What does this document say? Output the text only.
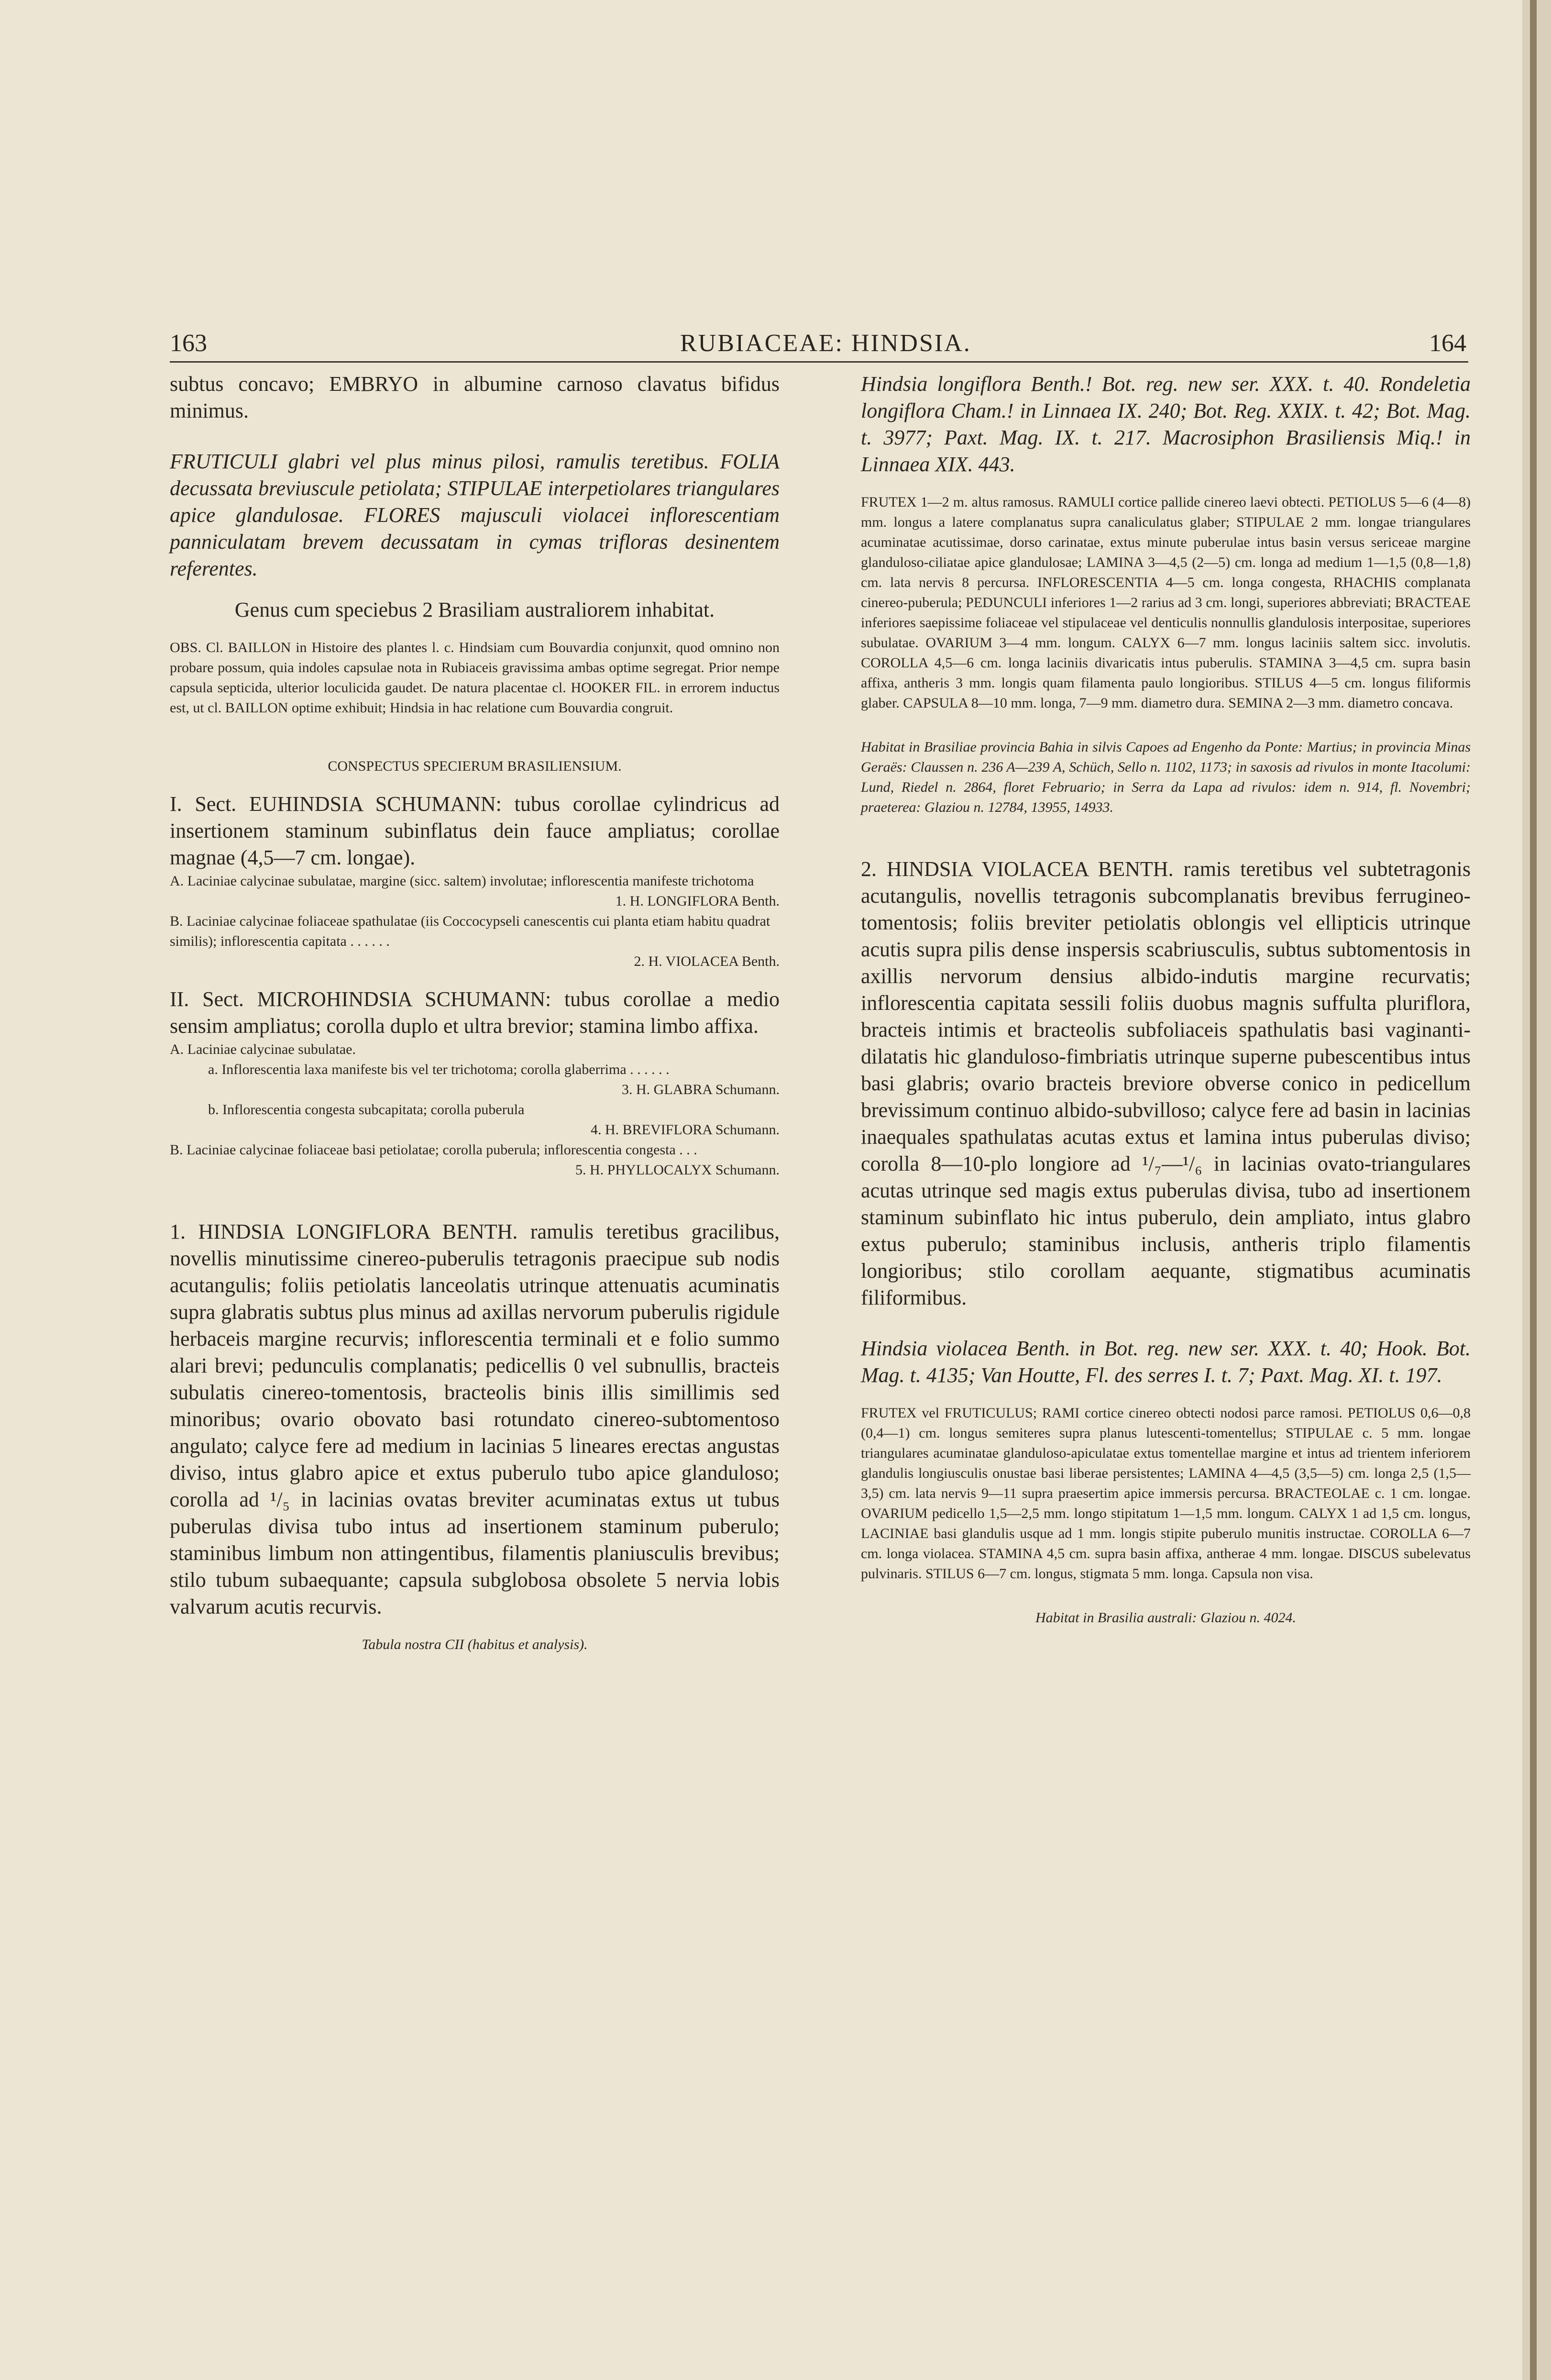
163	RUBIACEAE: HINDSIA.	164

subtus concavo; EMBRYO in albumine carnoso clavatus bifidus minimus.

FRUTICULI glabri vel plus minus pilosi, ramulis teretibus. FOLIA decussata breviuscule petiolata; STIPULAE interpetiolares triangulares apice glandulosae. FLORES majusculi violacei inflorescentiam panniculatam brevem decussatam in cymas trifloras desinentem referentes.

Genus cum speciebus 2 Brasiliam australiorem inhabitat.

OBS. Cl. BAILLON in Histoire des plantes l. c. Hindsiam cum Bouvardia conjunxit, quod omnino non probare possum, quia indoles capsulae nota in Rubiaceis gravissima ambas optime segregat. Prior nempe capsula septicida, ulterior loculicida gaudet. De natura placentae cl. HOOKER FIL. in errorem inductus est, ut cl. BAILLON optime exhibuit; Hindsia in hac relatione cum Bouvardia congruit.

CONSPECTUS SPECIERUM BRASILIENSIUM.

I. Sect. EUHINDSIA SCHUMANN: tubus corollae cylindricus ad insertionem staminum subinflatus dein fauce ampliatus; corollae magnae (4,5—7 cm. longae).

A. Laciniae calycinae subulatae, margine (sicc. saltem) involutae; inflorescentia manifeste trichotoma

1. H. LONGIFLORA Benth.

B. Laciniae calycinae foliaceae spathulatae (iis Coccocypseli canescentis cui planta etiam habitu quadrat similis); inflorescentia capitata . . . . . .

2. H. VIOLACEA Benth.

II. Sect. MICROHINDSIA SCHUMANN: tubus corollae a medio sensim ampliatus; corolla duplo et ultra brevior; stamina limbo affixa.

A. Laciniae calycinae subulatae.

a. Inflorescentia laxa manifeste bis vel ter trichotoma; corolla glaberrima . . . . . .

3. H. GLABRA Schumann.

b. Inflorescentia congesta subcapitata; corolla puberula

4. H. BREVIFLORA Schumann.

B. Laciniae calycinae foliaceae basi petiolatae; corolla puberula; inflorescentia congesta . . .

5. H. PHYLLOCALYX Schumann.

1. HINDSIA LONGIFLORA BENTH. ramulis teretibus gracilibus, novellis minutissime cinereo-puberulis tetragonis praecipue sub nodis acutangulis; foliis petiolatis lanceolatis utrinque attenuatis acuminatis supra glabratis subtus plus minus ad axillas nervorum puberulis rigidule herbaceis margine recurvis; inflorescentia terminali et e folio summo alari brevi; pedunculis complanatis; pedicellis 0 vel subnullis, bracteis subulatis cinereo-tomentosis, bracteolis binis illis simillimis sed minoribus; ovario obovato basi rotundato cinereo-subtomentoso angulato; calyce fere ad medium in lacinias 5 lineares erectas angustas diviso, intus glabro apice et extus puberulo tubo apice glanduloso; corolla ad ¹/₅ in lacinias ovatas breviter acuminatas extus ut tubus puberulas divisa tubo intus ad insertionem staminum puberulo; staminibus limbum non attingentibus, filamentis planiusculis brevibus; stilo tubum subaequante; capsula subglobosa obsolete 5 nervia lobis valvarum acutis recurvis.

Tabula nostra CII (habitus et analysis).

Hindsia longiflora Benth.! Bot. reg. new ser. XXX. t. 40. Rondeletia longiflora Cham.! in Linnaea IX. 240; Bot. Reg. XXIX. t. 42; Bot. Mag. t. 3977; Paxt. Mag. IX. t. 217. Macrosiphon Brasiliensis Miq.! in Linnaea XIX. 443.

FRUTEX 1—2 m. altus ramosus. RAMULI cortice pallide cinereo laevi obtecti. PETIOLUS 5—6 (4—8) mm. longus a latere complanatus supra canaliculatus glaber; STIPULAE 2 mm. longae triangulares acuminatae acutissimae, dorso carinatae, extus minute puberulae intus basin versus sericeae margine glanduloso-ciliatae apice glandulosae; LAMINA 3—4,5 (2—5) cm. longa ad medium 1—1,5 (0,8—1,8) cm. lata nervis 8 percursa. INFLORESCENTIA 4—5 cm. longa congesta, RHACHIS complanata cinereo-puberula; PEDUNCULI inferiores 1—2 rarius ad 3 cm. longi, superiores abbreviati; BRACTEAE inferiores saepissime foliaceae vel stipulaceae vel denticulis nonnullis glandulosis interpositae, superiores subulatae. OVARIUM 3—4 mm. longum. CALYX 6—7 mm. longus laciniis saltem sicc. involutis. COROLLA 4,5—6 cm. longa laciniis divaricatis intus puberulis. STAMINA 3—4,5 cm. supra basin affixa, antheris 3 mm. longis quam filamenta paulo longioribus. STILUS 4—5 cm. longus filiformis glaber. CAPSULA 8—10 mm. longa, 7—9 mm. diametro dura. SEMINA 2—3 mm. diametro concava.

Habitat in Brasiliae provincia Bahia in silvis Capoes ad Engenho da Ponte: Martius; in provincia Minas Geraës: Claussen n. 236 A—239 A, Schüch, Sello n. 1102, 1173; in saxosis ad rivulos in monte Itacolumi: Lund, Riedel n. 2864, floret Februario; in Serra da Lapa ad rivulos: idem n. 914, fl. Novembri; praeterea: Glaziou n. 12784, 13955, 14933.

2. HINDSIA VIOLACEA BENTH. ramis teretibus vel subtetragonis acutangulis, novellis tetragonis subcomplanatis brevibus ferrugineo-tomentosis; foliis breviter petiolatis oblongis vel ellipticis utrinque acutis supra pilis dense inspersis scabriusculis, subtus subtomentosis in axillis nervorum densius albido-indutis margine recurvatis; inflorescentia capitata sessili foliis duobus magnis suffulta pluriflora, bracteis intimis et bracteolis subfoliaceis spathulatis basi vaginanti-dilatatis hic glanduloso-fimbriatis utrinque superne pubescentibus intus basi glabris; ovario bracteis breviore obverse conico in pedicellum brevissimum continuo albido-subvilloso; calyce fere ad basin in lacinias inaequales spathulatas acutas extus et lamina intus puberulas diviso; corolla 8—10-plo longiore ad ¹/₇—¹/₆ in lacinias ovato-triangulares acutas utrinque sed magis extus puberulas divisa, tubo ad insertionem staminum subinflato hic intus puberulo, dein ampliato, intus glabro extus puberulo; staminibus inclusis, antheris triplo filamentis longioribus; stilo corollam aequante, stigmatibus acuminatis filiformibus.

Hindsia violacea Benth. in Bot. reg. new ser. XXX. t. 40; Hook. Bot. Mag. t. 4135; Van Houtte, Fl. des serres I. t. 7; Paxt. Mag. XI. t. 197.

FRUTEX vel FRUTICULUS; RAMI cortice cinereo obtecti nodosi parce ramosi. PETIOLUS 0,6—0,8 (0,4—1) cm. longus semiteres supra planus lutescenti-tomentellus; STIPULAE c. 5 mm. longae triangulares acuminatae glanduloso-apiculatae extus tomentellae margine et intus ad trientem inferiorem glandulis longiusculis onustae basi liberae persistentes; LAMINA 4—4,5 (3,5—5) cm. longa 2,5 (1,5—3,5) cm. lata nervis 9—11 supra praesertim apice immersis percursa. BRACTEOLAE c. 1 cm. longae. OVARIUM pedicello 1,5—2,5 mm. longo stipitatum 1—1,5 mm. longum. CALYX 1 ad 1,5 cm. longus, LACINIAE basi glandulis usque ad 1 mm. longis stipite puberulo munitis instructae. COROLLA 6—7 cm. longa violacea. STAMINA 4,5 cm. supra basin affixa, antherae 4 mm. longae. DISCUS subelevatus pulvinaris. STILUS 6—7 cm. longus, stigmata 5 mm. longa. Capsula non visa.

Habitat in Brasilia australi: Glaziou n. 4024.
